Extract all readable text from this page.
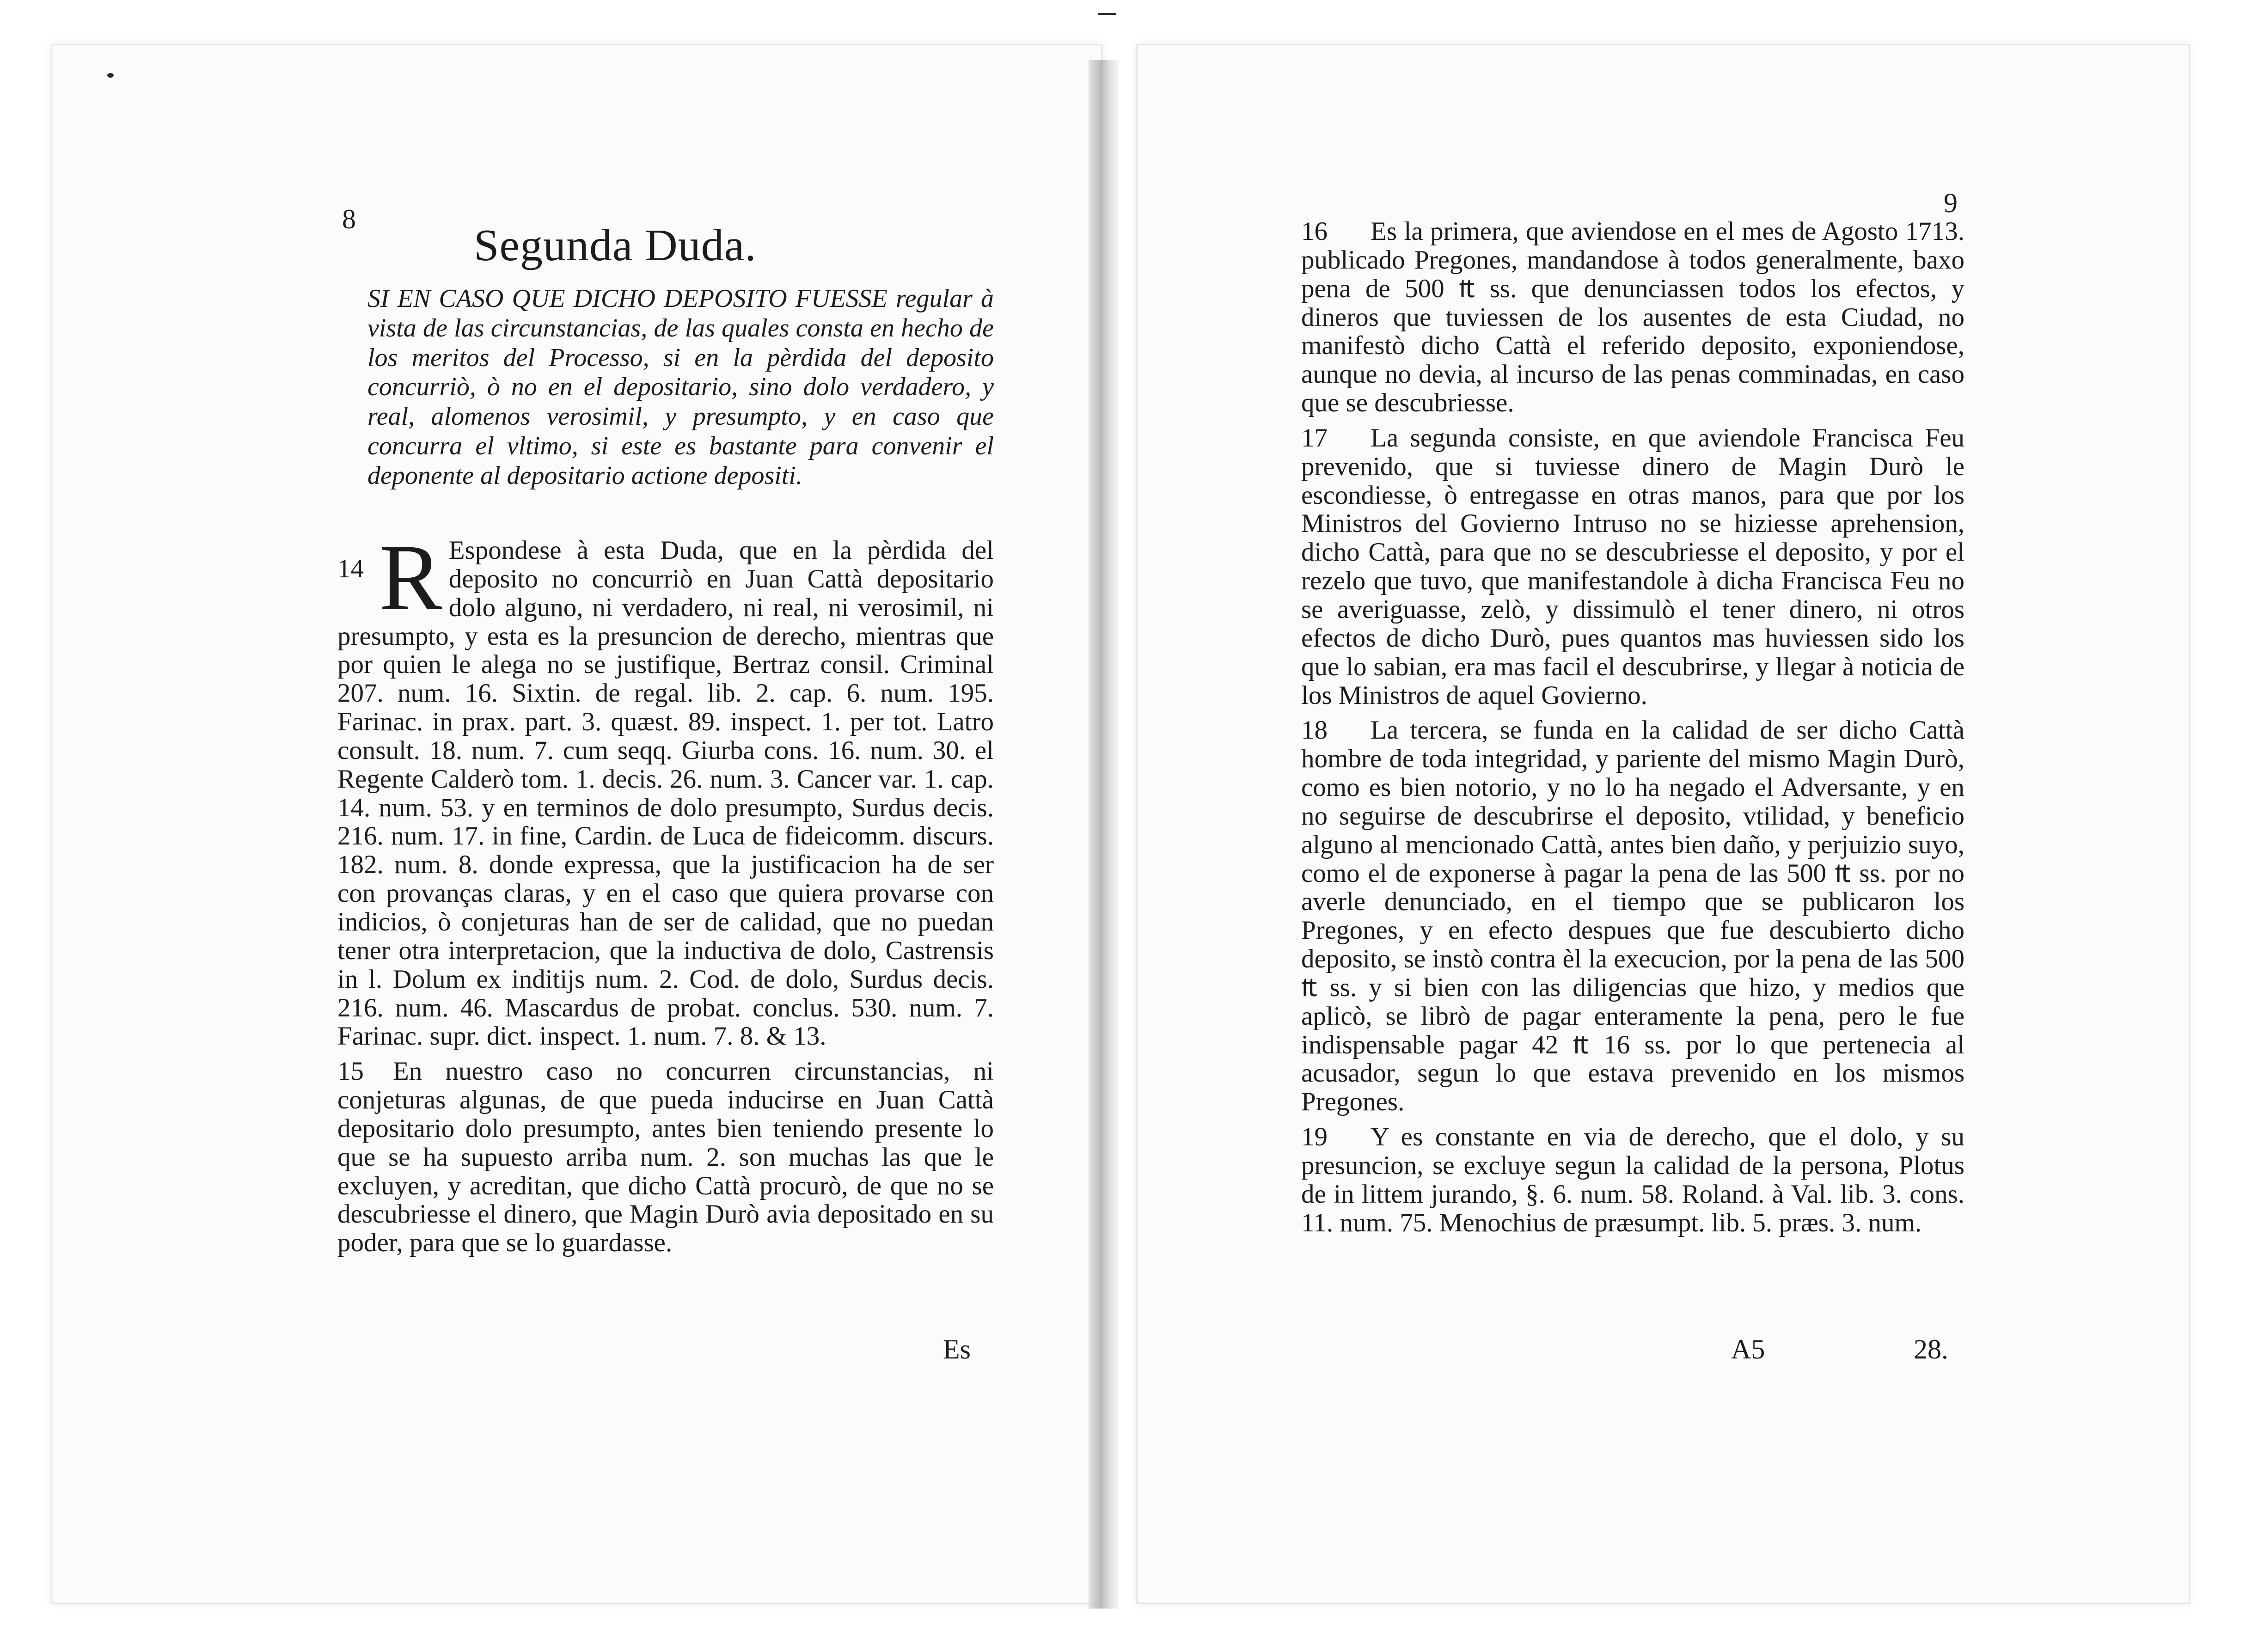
8
Segunda Duda.
SI EN CASO QUE DICHO DEPOSITO FUESSE regular à vista de las circunstancias, de las quales consta en hecho de los meritos del Processo, si en la pèrdida del deposito concurriò, ò no en el depositario, sino dolo verdadero, y real, alomenos verosimil, y presumpto, y en caso que concurra el vltimo, si este es bastante para convenir el deponente al depositario actione depositi.

14 R Espondese à esta Duda, que en la pèrdida del deposito no concurriò en Juan Cattà depositario dolo alguno, ni verdadero, ni real, ni verosimil, ni presumpto, y esta es la presuncion de derecho, mientras que por quien le alega no se justifique, Bertraz consil. Criminal 207. num. 16. Sixtin. de regal. lib. 2. cap. 6. num. 195. Farinac. in prax. part. 3. quæst. 89. inspect. 1. per tot. Latro consult. 18. num. 7. cum seqq. Giurba cons. 16. num. 30. el Regente Calderò tom. 1. decis. 26. num. 3. Cancer var. 1. cap. 14. num. 53. y en terminos de dolo presumpto, Surdus decis. 216. num. 17. in fine, Cardin. de Luca de fideicomm. discurs. 182. num. 8. donde expressa, que la justificacion ha de ser con provanças claras, y en el caso que quiera provarse con indicios, ò conjeturas han de ser de calidad, que no puedan tener otra interpretacion, que la inductiva de dolo, Castrensis in l. Dolum ex inditijs num. 2. Cod. de dolo, Surdus decis. 216. num. 46. Mascardus de probat. conclus. 530. num. 7. Farinac. supr. dict. inspect. 1. num. 7. 8. & 13.

15 En nuestro caso no concurren circunstancias, ni conjeturas algunas, de que pueda inducirse en Juan Cattà depositario dolo presumpto, antes bien teniendo presente lo que se ha supuesto arriba num. 2. son muchas las que le excluyen, y acreditan, que dicho Cattà procurò, de que no se descubriesse el dinero, que Magin Durò avia depositado en su poder, para que se lo guardasse.

Es
9

16 Es la primera, que aviendose en el mes de Agosto 1713. publicado Pregones, mandandose à todos generalmente, baxo pena de 500 ₶ ss. que denunciassen todos los efectos, y dineros que tuviessen de los ausentes de esta Ciudad, no manifestò dicho Cattà el referido deposito, exponiendose, aunque no devia, al incurso de las penas comminadas, en caso que se descubriesse.

17 La segunda consiste, en que aviendole Francisca Feu prevenido, que si tuviesse dinero de Magin Durò le escondiesse, ò entregasse en otras manos, para que por los Ministros del Govierno Intruso no se hiziesse aprehension, dicho Cattà, para que no se descubriesse el deposito, y por el rezelo que tuvo, que manifestandole à dicha Francisca Feu no se averiguasse, zelò, y dissimulò el tener dinero, ni otros efectos de dicho Durò, pues quantos mas huviessen sido los que lo sabian, era mas facil el descubrirse, y llegar à noticia de los Ministros de aquel Govierno.

18 La tercera, se funda en la calidad de ser dicho Cattà hombre de toda integridad, y pariente del mismo Magin Durò, como es bien notorio, y no lo ha negado el Adversante, y en no seguirse de descubrirse el deposito, vtilidad, y beneficio alguno al mencionado Cattà, antes bien daño, y perjuizio suyo, como el de exponerse à pagar la pena de las 500 ₶ ss. por no averle denunciado, en el tiempo que se publicaron los Pregones, y en efecto despues que fue descubierto dicho deposito, se instò contra èl la execucion, por la pena de las 500 ₶ ss. y si bien con las diligencias que hizo, y medios que aplicò, se librò de pagar enteramente la pena, pero le fue indispensable pagar 42 ₶ 16 ss. por lo que pertenecia al acusador, segun lo que estava prevenido en los mismos Pregones.

19 Y es constante en via de derecho, que el dolo, y su presuncion, se excluye segun la calidad de la persona, Plotus de in littem jurando, §. 6. num. 58. Roland. à Val. lib. 3. cons. 11. num. 75. Menochius de præsumpt. lib. 5. præs. 3. num.

A5	28.
